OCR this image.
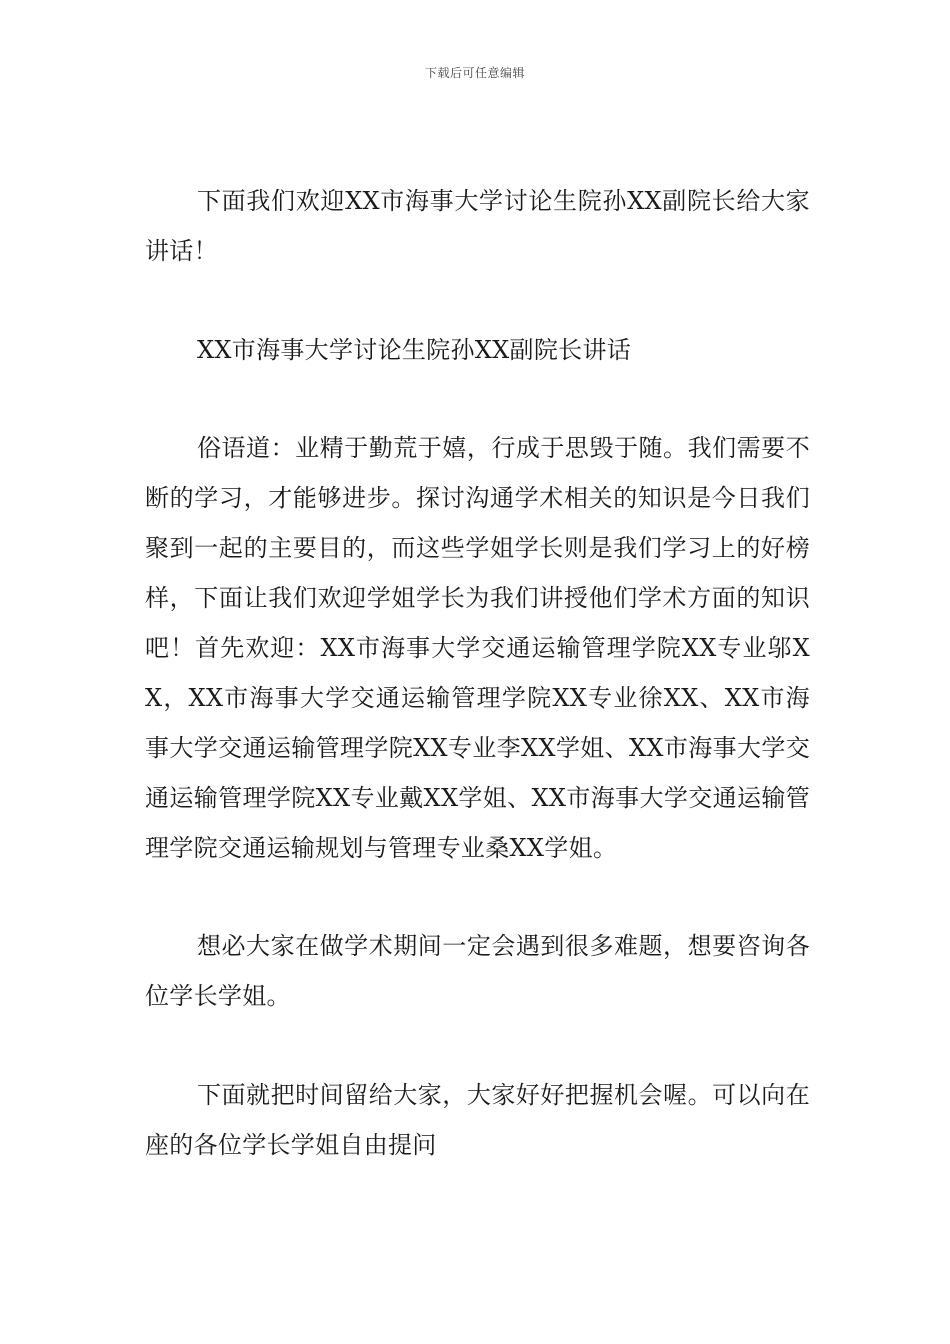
下载后可任意编辑

下面我们欢迎XX市海事大学讨论生院孙XX副院长给大家讲话！

XX市海事大学讨论生院孙XX副院长讲话

俗语道：业精于勤荒于嬉，行成于思毁于随。我们需要不断的学习，才能够进步。探讨沟通学术相关的知识是今日我们聚到一起的主要目的，而这些学姐学长则是我们学习上的好榜样，下面让我们欢迎学姐学长为我们讲授他们学术方面的知识吧！首先欢迎：XX市海事大学交通运输管理学院XX专业邬XX，XX市海事大学交通运输管理学院XX专业徐XX、XX市海事大学交通运输管理学院XX专业李XX学姐、XX市海事大学交通运输管理学院XX专业戴XX学姐、XX市海事大学交通运输管理学院交通运输规划与管理专业桑XX学姐。

想必大家在做学术期间一定会遇到很多难题，想要咨询各位学长学姐。

下面就把时间留给大家，大家好好把握机会喔。可以向在座的各位学长学姐自由提问
